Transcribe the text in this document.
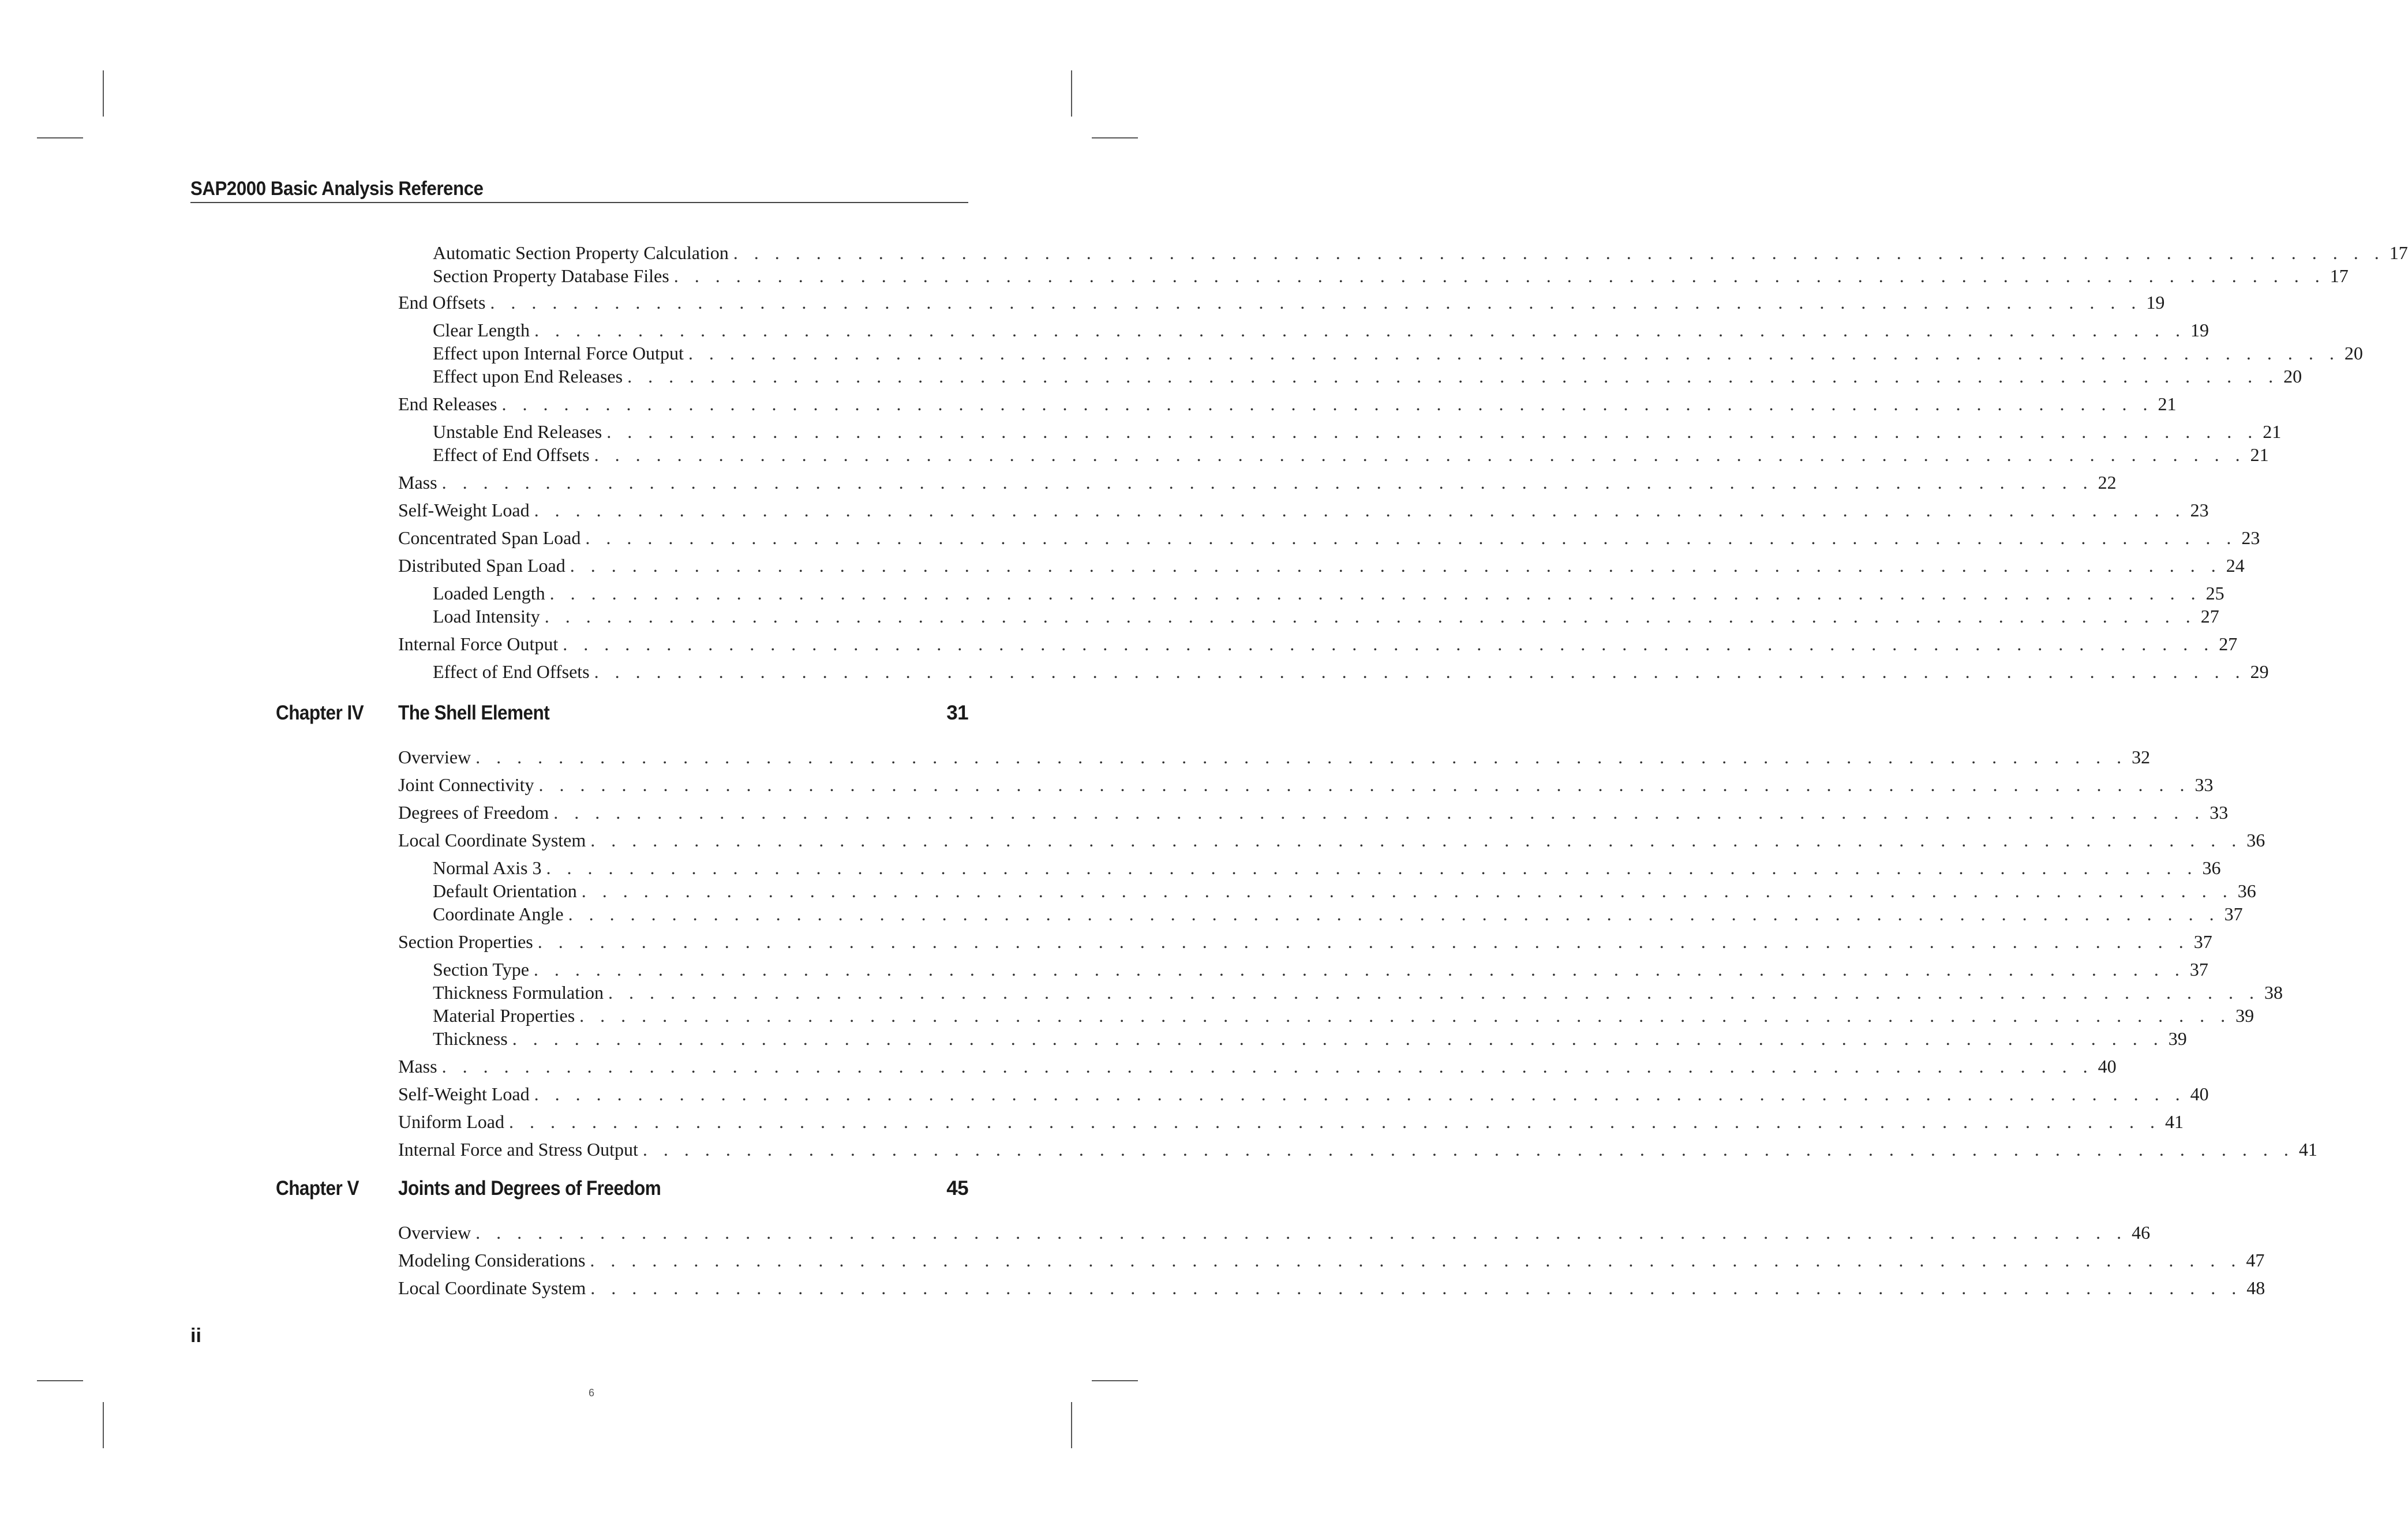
SAP2000 Basic Analysis Reference
Automatic Section Property Calculation . . . . . . . . . . . . . . . . . . . . . . . . . . . . . . . . . . . . . . . . . . . . . . . . . . . . . . . . . . . . . . . . . . . . . . . . . . . . . . . . 17
Section Property Database Files . . . . . . . . . . . . . . . . . . . . . . . . . . . . . . . . . . . . . . . . . . . . . . . . . . . . . . . . . . . . . . . . . . . . . . . . . . . . . . . . 17
End Offsets . . . . . . . . . . . . . . . . . . . . . . . . . . . . . . . . . . . . . . . . . . . . . . . . . . . . . . . . . . . . . . . . . . . . . . . . . . . . . . . . 19
Clear Length . . . . . . . . . . . . . . . . . . . . . . . . . . . . . . . . . . . . . . . . . . . . . . . . . . . . . . . . . . . . . . . . . . . . . . . . . . . . . . . . 19
Effect upon Internal Force Output . . . . . . . . . . . . . . . . . . . . . . . . . . . . . . . . . . . . . . . . . . . . . . . . . . . . . . . . . . . . . . . . . . . . . . . . . . . . . . . . 20
Effect upon End Releases . . . . . . . . . . . . . . . . . . . . . . . . . . . . . . . . . . . . . . . . . . . . . . . . . . . . . . . . . . . . . . . . . . . . . . . . . . . . . . . . 20
End Releases . . . . . . . . . . . . . . . . . . . . . . . . . . . . . . . . . . . . . . . . . . . . . . . . . . . . . . . . . . . . . . . . . . . . . . . . . . . . . . . . 21
Unstable End Releases . . . . . . . . . . . . . . . . . . . . . . . . . . . . . . . . . . . . . . . . . . . . . . . . . . . . . . . . . . . . . . . . . . . . . . . . . . . . . . . . 21
Effect of End Offsets . . . . . . . . . . . . . . . . . . . . . . . . . . . . . . . . . . . . . . . . . . . . . . . . . . . . . . . . . . . . . . . . . . . . . . . . . . . . . . . . 21
Mass . . . . . . . . . . . . . . . . . . . . . . . . . . . . . . . . . . . . . . . . . . . . . . . . . . . . . . . . . . . . . . . . . . . . . . . . . . . . . . . . 22
Self-Weight Load . . . . . . . . . . . . . . . . . . . . . . . . . . . . . . . . . . . . . . . . . . . . . . . . . . . . . . . . . . . . . . . . . . . . . . . . . . . . . . . . 23
Concentrated Span Load . . . . . . . . . . . . . . . . . . . . . . . . . . . . . . . . . . . . . . . . . . . . . . . . . . . . . . . . . . . . . . . . . . . . . . . . . . . . . . . . 23
Distributed Span Load . . . . . . . . . . . . . . . . . . . . . . . . . . . . . . . . . . . . . . . . . . . . . . . . . . . . . . . . . . . . . . . . . . . . . . . . . . . . . . . . 24
Loaded Length . . . . . . . . . . . . . . . . . . . . . . . . . . . . . . . . . . . . . . . . . . . . . . . . . . . . . . . . . . . . . . . . . . . . . . . . . . . . . . . . 25
Load Intensity . . . . . . . . . . . . . . . . . . . . . . . . . . . . . . . . . . . . . . . . . . . . . . . . . . . . . . . . . . . . . . . . . . . . . . . . . . . . . . . . 27
Internal Force Output . . . . . . . . . . . . . . . . . . . . . . . . . . . . . . . . . . . . . . . . . . . . . . . . . . . . . . . . . . . . . . . . . . . . . . . . . . . . . . . . 27
Effect of End Offsets . . . . . . . . . . . . . . . . . . . . . . . . . . . . . . . . . . . . . . . . . . . . . . . . . . . . . . . . . . . . . . . . . . . . . . . . . . . . . . . . 29
Chapter IV The Shell Element	31
Overview . . . . . . . . . . . . . . . . . . . . . . . . . . . . . . . . . . . . . . . . . . . . . . . . . . . . . . . . . . . . . . . . . . . . . . . . . . . . . . . . 32
Joint Connectivity . . . . . . . . . . . . . . . . . . . . . . . . . . . . . . . . . . . . . . . . . . . . . . . . . . . . . . . . . . . . . . . . . . . . . . . . . . . . . . . . 33
Degrees of Freedom . . . . . . . . . . . . . . . . . . . . . . . . . . . . . . . . . . . . . . . . . . . . . . . . . . . . . . . . . . . . . . . . . . . . . . . . . . . . . . . . 33
Local Coordinate System . . . . . . . . . . . . . . . . . . . . . . . . . . . . . . . . . . . . . . . . . . . . . . . . . . . . . . . . . . . . . . . . . . . . . . . . . . . . . . . . 36
Normal Axis 3 . . . . . . . . . . . . . . . . . . . . . . . . . . . . . . . . . . . . . . . . . . . . . . . . . . . . . . . . . . . . . . . . . . . . . . . . . . . . . . . . 36
Default Orientation . . . . . . . . . . . . . . . . . . . . . . . . . . . . . . . . . . . . . . . . . . . . . . . . . . . . . . . . . . . . . . . . . . . . . . . . . . . . . . . . 36
Coordinate Angle . . . . . . . . . . . . . . . . . . . . . . . . . . . . . . . . . . . . . . . . . . . . . . . . . . . . . . . . . . . . . . . . . . . . . . . . . . . . . . . . 37
Section Properties . . . . . . . . . . . . . . . . . . . . . . . . . . . . . . . . . . . . . . . . . . . . . . . . . . . . . . . . . . . . . . . . . . . . . . . . . . . . . . . . 37
Section Type . . . . . . . . . . . . . . . . . . . . . . . . . . . . . . . . . . . . . . . . . . . . . . . . . . . . . . . . . . . . . . . . . . . . . . . . . . . . . . . . 37
Thickness Formulation . . . . . . . . . . . . . . . . . . . . . . . . . . . . . . . . . . . . . . . . . . . . . . . . . . . . . . . . . . . . . . . . . . . . . . . . . . . . . . . . 38
Material Properties . . . . . . . . . . . . . . . . . . . . . . . . . . . . . . . . . . . . . . . . . . . . . . . . . . . . . . . . . . . . . . . . . . . . . . . . . . . . . . . . 39
Thickness . . . . . . . . . . . . . . . . . . . . . . . . . . . . . . . . . . . . . . . . . . . . . . . . . . . . . . . . . . . . . . . . . . . . . . . . . . . . . . . . 39
Mass . . . . . . . . . . . . . . . . . . . . . . . . . . . . . . . . . . . . . . . . . . . . . . . . . . . . . . . . . . . . . . . . . . . . . . . . . . . . . . . . 40
Self-Weight Load . . . . . . . . . . . . . . . . . . . . . . . . . . . . . . . . . . . . . . . . . . . . . . . . . . . . . . . . . . . . . . . . . . . . . . . . . . . . . . . . 40
Uniform Load . . . . . . . . . . . . . . . . . . . . . . . . . . . . . . . . . . . . . . . . . . . . . . . . . . . . . . . . . . . . . . . . . . . . . . . . . . . . . . . . 41
Internal Force and Stress Output . . . . . . . . . . . . . . . . . . . . . . . . . . . . . . . . . . . . . . . . . . . . . . . . . . . . . . . . . . . . . . . . . . . . . . . . . . . . . . . . 41
Chapter V Joints and Degrees of Freedom	45
Overview . . . . . . . . . . . . . . . . . . . . . . . . . . . . . . . . . . . . . . . . . . . . . . . . . . . . . . . . . . . . . . . . . . . . . . . . . . . . . . . . 46
Modeling Considerations . . . . . . . . . . . . . . . . . . . . . . . . . . . . . . . . . . . . . . . . . . . . . . . . . . . . . . . . . . . . . . . . . . . . . . . . . . . . . . . . 47
Local Coordinate System . . . . . . . . . . . . . . . . . . . . . . . . . . . . . . . . . . . . . . . . . . . . . . . . . . . . . . . . . . . . . . . . . . . . . . . . . . . . . . . . 48
ii
6
